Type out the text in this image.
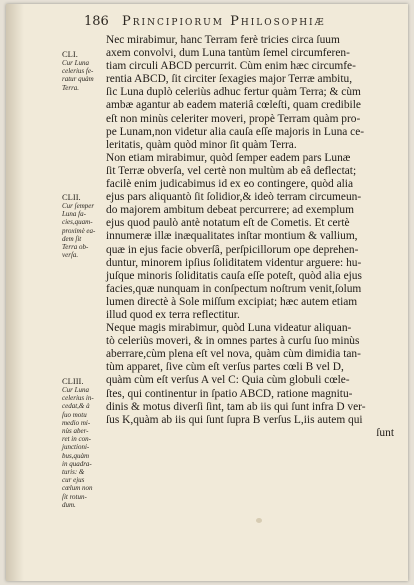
186 Principiorum Philosophiæ
CLI.
Cur Luna
celerius fe-
ratur quàm
Terra.
CLII.
Cur ſemper
Luna fa-
cies,quam-
proximè ea-
dem ſit
Terra ob-
verſa.
CLIII.
Cur Luna
celerius in-
cedat,& à
ſuo motu
medio mi-
nùs aber-
ret in con-
junctioni-
bus,quàm
in quadra-
turis: &
cur ejus
cœlum non
ſit rotun-
dum.
Nec mirabimur, hanc Terram ferè tricies circa ſuum
axem convolvi, dum Luna tantùm ſemel circumferen-
tiam circuli ABCD percurrit. Cùm enim hæc circumfe-
rentia ABCD, ſit circiter ſexagies major Terræ ambitu,
ſic Luna duplò celeriùs adhuc fertur quàm Terra; & cùm
ambæ agantur ab eadem materiâ cœleſti, quam credibile
eſt non minùs celeriter moveri, propè Terram quàm pro-
pe Lunam,non videtur alia cauſa eſſe majoris in Luna ce-
leritatis, quàm quòd minor ſit quàm Terra.
Non etiam mirabimur, quòd ſemper eadem pars Lunæ
ſit Terræ obverſa, vel certè non multùm ab eâ deflectat;
facilè enim judicabimus id ex eo contingere, quòd alia
ejus pars aliquantò ſit ſolidior,& ideò terram circumeun-
do majorem ambitum debeat percurrere; ad exemplum
ejus quod paulò antè notatum eſt de Cometis. Et certè
innumeræ illæ inæqualitates inſtar montium & vallium,
quæ in ejus facie obverſâ, perſpicillorum ope deprehen-
duntur, minorem ipſius ſoliditatem videntur arguere: hu-
juſque minoris ſoliditatis cauſa eſſe poteſt, quòd alia ejus
facies,quæ nunquam in conſpectum noſtrum venit,ſolum
lumen directè à Sole miſſum excipiat; hæc autem etiam
illud quod ex terra reflectitur.
Neque magis mirabimur, quòd Luna videatur aliquan-
tò celeriùs moveri, & in omnes partes à curſu ſuo minùs
aberrare,cùm plena eſt vel nova, quàm cùm dimidia tan-
tùm apparet, ſive cùm eſt verſus partes cœli B vel D,
quàm cùm eſt verſus A vel C: Quia cùm globuli cœle-
ſtes, qui continentur in ſpatio ABCD, ratione magnitu-
dinis & motus diverſi ſint, tam ab iis qui ſunt infra D ver-
ſus K,quàm ab iis qui ſunt ſupra B verſus L,iis autem qui
ſunt
